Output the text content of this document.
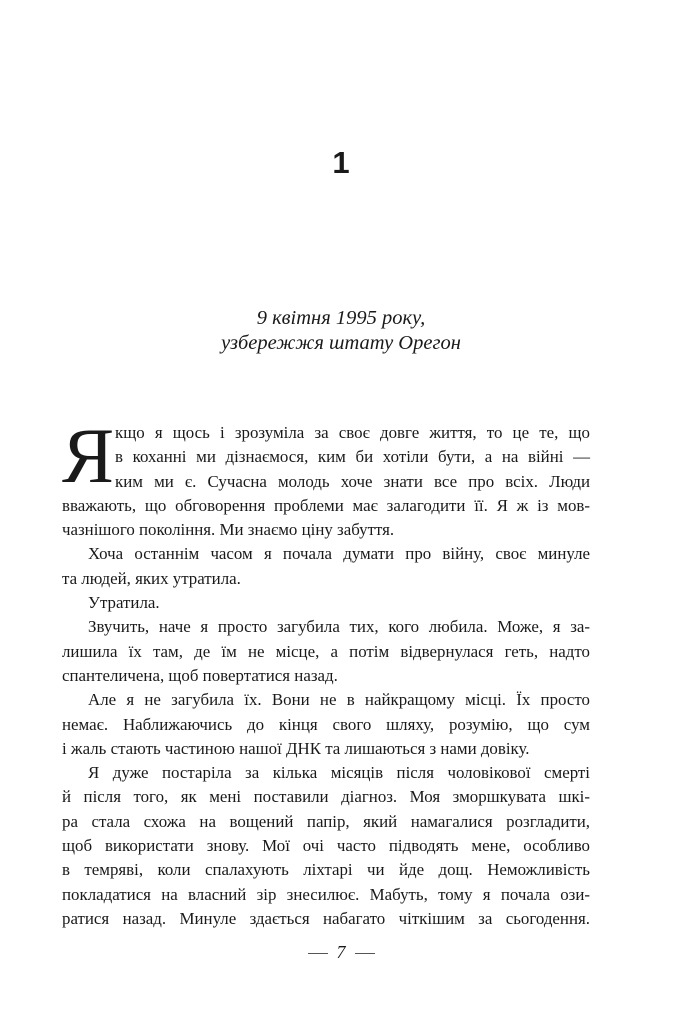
1
9 квітня 1995 року,
узбережжя штату Орегон
Я кщо я щось і зрозуміла за своє довге життя, то це те, що
в коханні ми дізнаємося, ким би хотіли бути, а на війні —
ким ми є. Сучасна молодь хоче знати все про всіх. Люди
вважають, що обговорення проблеми має залагодити її. Я ж із мов-
чазнішого покоління. Ми знаємо ціну забуття.
Хоча останнім часом я почала думати про війну, своє минуле
та людей, яких утратила.
Утратила.
Звучить, наче я просто загубила тих, кого любила. Може, я за-
лишила їх там, де їм не місце, а потім відвернулася геть, надто
спантеличена, щоб повертатися назад.
Але я не загубила їх. Вони не в найкращому місці. Їх просто
немає. Наближаючись до кінця свого шляху, розумію, що сум
і жаль стають частиною нашої ДНК та лишаються з нами довіку.
Я дуже постаріла за кілька місяців після чоловікової смерті
й після того, як мені поставили діагноз. Моя зморшкувата шкі-
ра стала схожа на вощений папір, який намагалися розгладити,
щоб використати знову. Мої очі часто підводять мене, особливо
в темряві, коли спалахують ліхтарі чи йде дощ. Неможливість
покладатися на власний зір знесилює. Мабуть, тому я почала ози-
ратися назад. Минуле здається набагато чіткішим за сьогодення.
7
